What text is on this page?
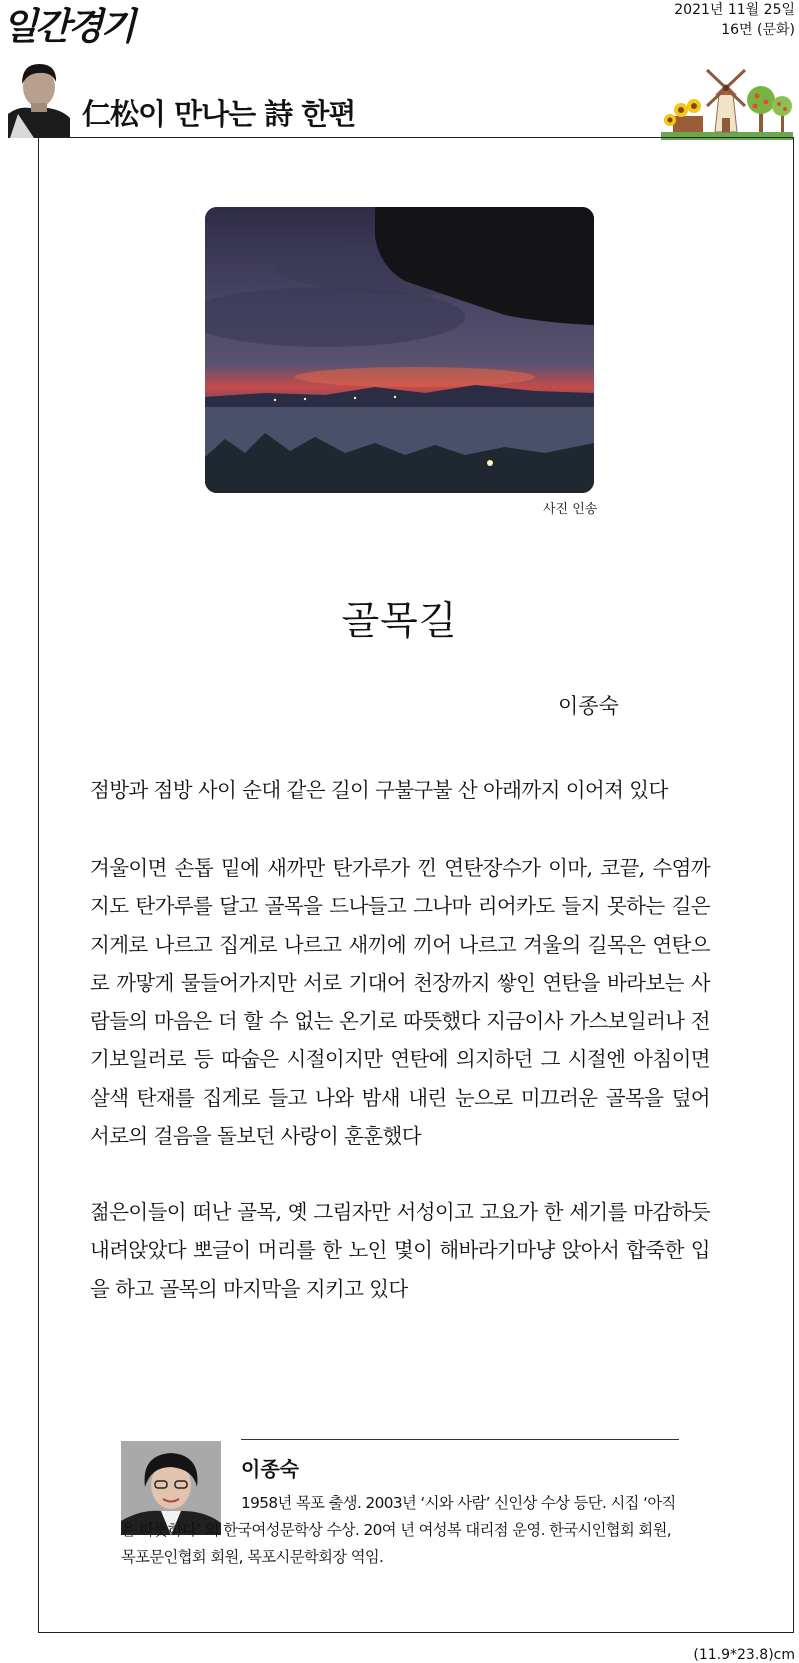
일간경기	2021년 11월 25일
16면 (문화)
仁松이 만나는 詩 한편
사진 인송
골목길
이종숙
점방과 점방 사이 순대 같은 길이 구불구불 산 아래까지 이어져 있다
겨울이면 손톱 밑에 새까만 탄가루가 낀 연탄장수가 이마, 코끝, 수염까지도 탄가루를 달고 골목을 드나들고 그나마 리어카도 들지 못하는 길은 지게로 나르고 집게로 나르고 새끼에 끼어 나르고 겨울의 길목은 연탄으로 까맣게 물들어가지만 서로 기대어 천장까지 쌓인 연탄을 바라보는 사람들의 마음은 더 할 수 없는 온기로 따뜻했다 지금이사 가스보일러나 전기보일러로 등 따숩은 시절이지만 연탄에 의지하던 그 시절엔 아침이면 살색 탄재를 집게로 들고 나와 밤새 내린 눈으로 미끄러운 골목을 덮어 서로의 걸음을 돌보던 사랑이 훈훈했다
젊은이들이 떠난 골목, 옛 그림자만 서성이고 고요가 한 세기를 마감하듯 내려앉았다 뽀글이 머리를 한 노인 몇이 해바라기마냥 앉아서 합죽한 입을 하고 골목의 마지막을 지키고 있다
이종숙
1958년 목포 출생. 2003년 ‘시와 사람’ 신인상 수상 등단. 시집 ‘아직은 따뜻하다’ 외 한국여성문학상 수상. 20여 년 여성복 대리점 운영. 한국시인협회 회원, 목포문인협회 회원, 목포시문학회장 역임.
(11.9*23.8)cm
